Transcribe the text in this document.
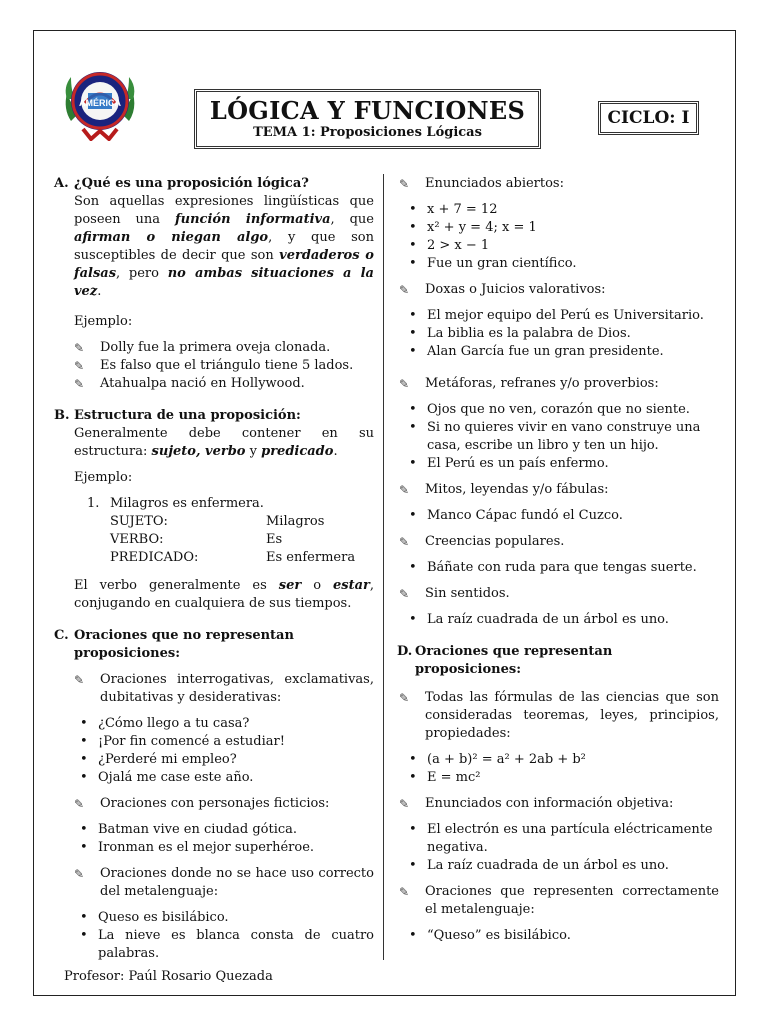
AMÉRICA	LÓGICA Y FUNCIONES
TEMA 1: Proposiciones Lógicas
CICLO: I
A. ¿Qué es una proposición lógica?
Son aquellas expresiones lingüísticas que poseen una función informativa, que afirman o niegan algo, y que son susceptibles de decir que son verdaderos o falsas, pero no ambas situaciones a la vez.
Ejemplo:
✎ Dolly fue la primera oveja clonada.
✎ Es falso que el triángulo tiene 5 lados.
✎ Atahualpa nació en Hollywood.
B. Estructura de una proposición:
Generalmente debe contener en su estructura: sujeto, verbo y predicado.
Ejemplo:
1. Milagros es enfermera.
SUJETO:	Milagros
VERBO:	Es
PREDICADO:	Es enfermera
El verbo generalmente es ser o estar, conjugando en cualquiera de sus tiempos.
C. Oraciones que no representan proposiciones:
✎ Oraciones interrogativas, exclamativas, dubitativas y desiderativas:
• ¿Cómo llego a tu casa?
• ¡Por fin comencé a estudiar!
• ¿Perderé mi empleo?
• Ojalá me case este año.
✎ Oraciones con personajes ficticios:
• Batman vive en ciudad gótica.
• Ironman es el mejor superhéroe.
✎ Oraciones donde no se hace uso correcto del metalenguaje:
• Queso es bisilábico.
• La nieve es blanca consta de cuatro palabras.
✎ Enunciados abiertos:
• x + 7 = 12
• x² + y = 4; x = 1
• 2 > x − 1
• Fue un gran científico.
✎ Doxas o Juicios valorativos:
• El mejor equipo del Perú es Universitario.
• La biblia es la palabra de Dios.
• Alan García fue un gran presidente.
✎ Metáforas, refranes y/o proverbios:
• Ojos que no ven, corazón que no siente.
• Si no quieres vivir en vano construye una casa, escribe un libro y ten un hijo.
• El Perú es un país enfermo.
✎ Mitos, leyendas y/o fábulas:
• Manco Cápac fundó el Cuzco.
✎ Creencias populares.
• Báñate con ruda para que tengas suerte.
✎ Sin sentidos.
• La raíz cuadrada de un árbol es uno.
D. Oraciones que representan proposiciones:
✎ Todas las fórmulas de las ciencias que son consideradas teoremas, leyes, principios, propiedades:
• (a + b)² = a² + 2ab + b²
• E = mc²
✎ Enunciados con información objetiva:
• El electrón es una partícula eléctricamente negativa.
• La raíz cuadrada de un árbol es uno.
✎ Oraciones que representen correctamente el metalenguaje:
• “Queso” es bisilábico.
Profesor: Paúl Rosario Quezada
